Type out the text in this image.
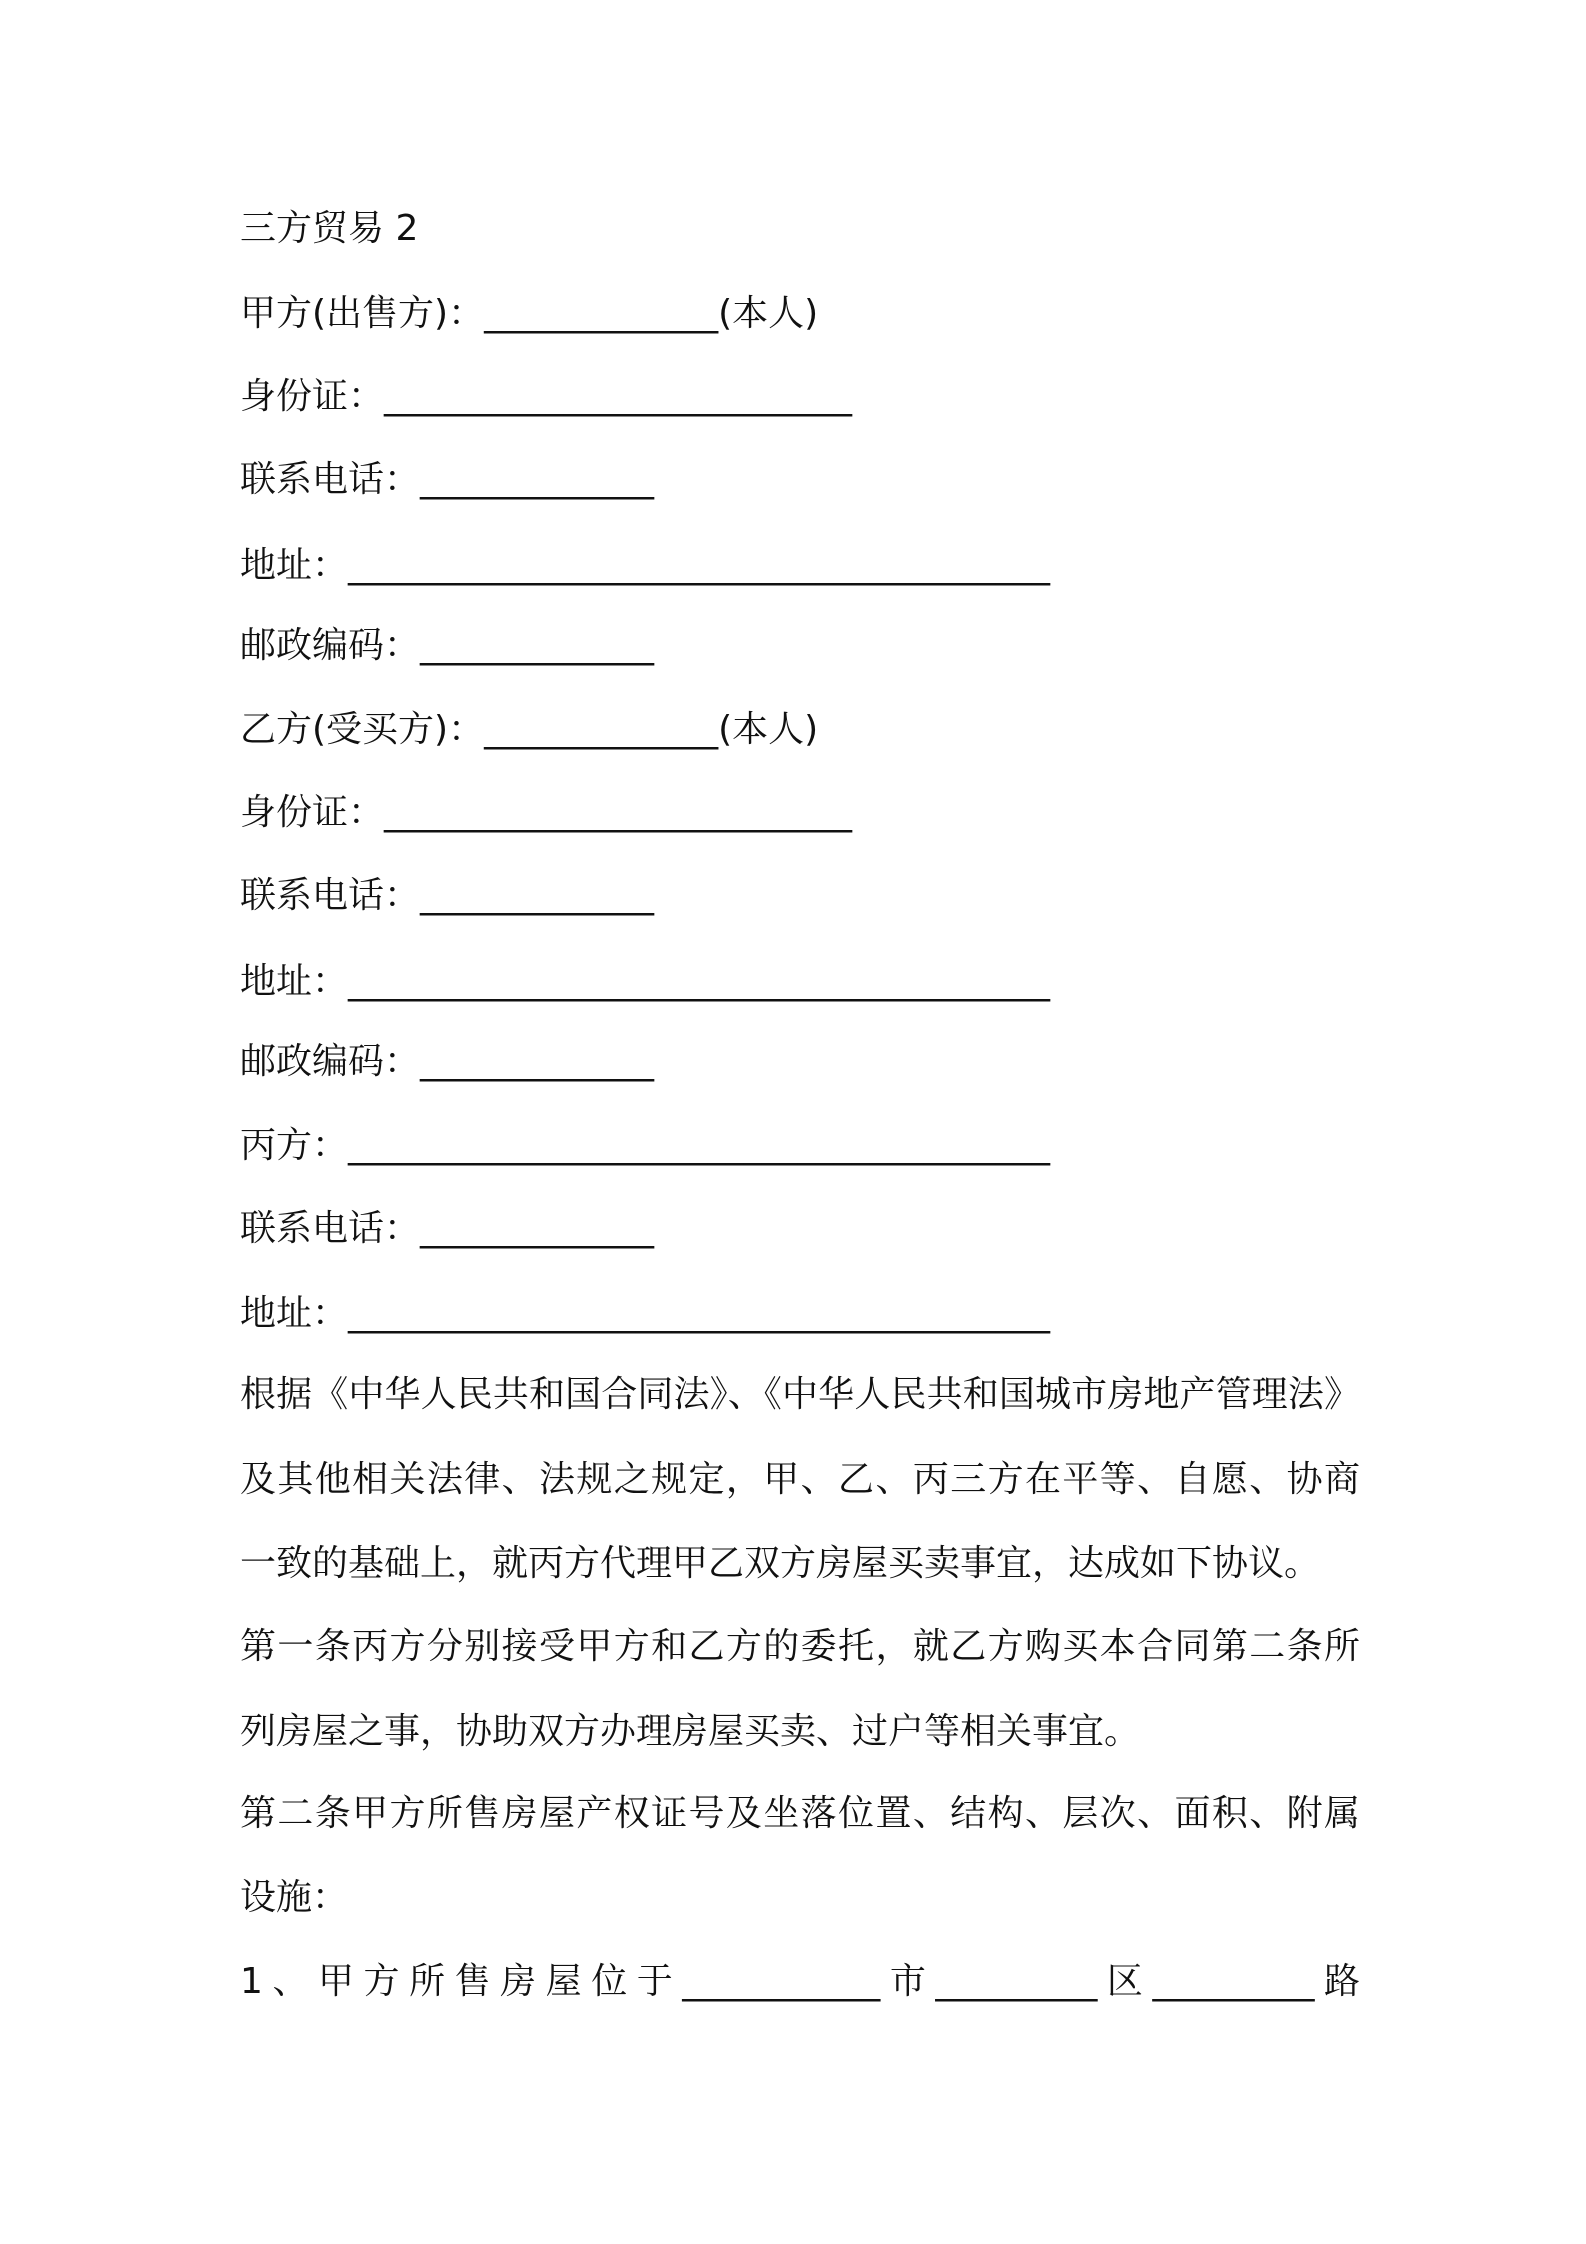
三方贸易 2
甲方(出售方)：_____________(本人)
身份证：__________________________
联系电话：_____________
地址：_______________________________________
邮政编码：_____________
乙方(受买方)：_____________(本人)
身份证：__________________________
联系电话：_____________
地址：_______________________________________
邮政编码：_____________
丙方：_______________________________________
联系电话：_____________
地址：_______________________________________
根据《中华人民共和国合同法》、《中华人民共和国城市房地产管理法》
及其他相关法律、法规之规定，甲、乙、丙三方在平等、自愿、协商
一致的基础上，就丙方代理甲乙双方房屋买卖事宜，达成如下协议。
第一条丙方分别接受甲方和乙方的委托，就乙方购买本合同第二条所
列房屋之事，协助双方办理房屋买卖、过户等相关事宜。
第二条甲方所售房屋产权证号及坐落位置、结构、层次、面积、附属
设施：
1、甲方所售房屋位于___________市_________区_________路
